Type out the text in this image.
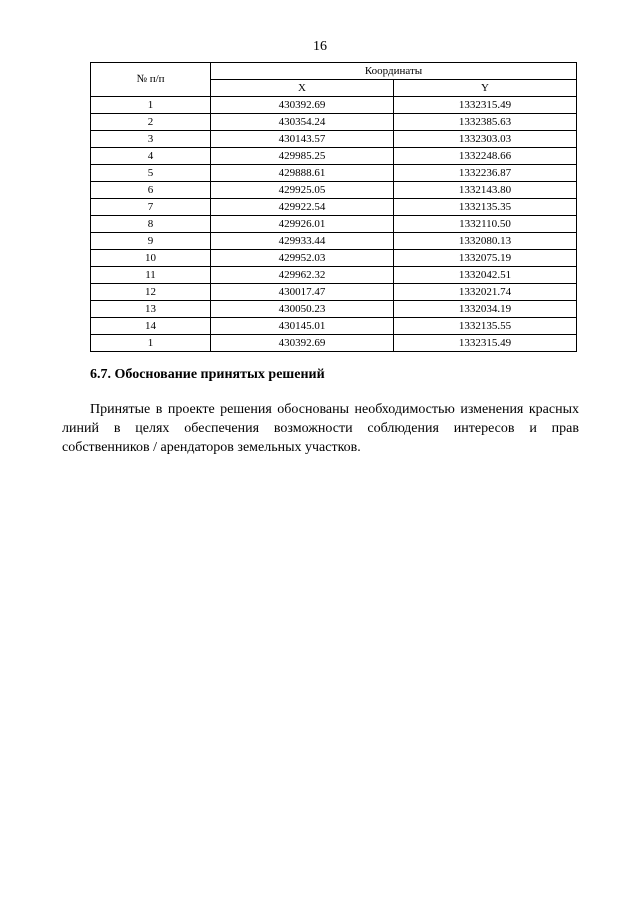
16
№ п/п	Координаты	
	X	Y
1	430392.69	1332315.49
2	430354.24	1332385.63
3	430143.57	1332303.03
4	429985.25	1332248.66
5	429888.61	1332236.87
6	429925.05	1332143.80
7	429922.54	1332135.35
8	429926.01	1332110.50
9	429933.44	1332080.13
10	429952.03	1332075.19
11	429962.32	1332042.51
12	430017.47	1332021.74
13	430050.23	1332034.19
14	430145.01	1332135.55
1	430392.69	1332315.49
6.7. Обоснование принятых решений

Принятые в проекте решения обоснованы необходимостью изменения красных линий в целях обеспечения возможности соблюдения интересов и прав собственников / арендаторов земельных участков.
